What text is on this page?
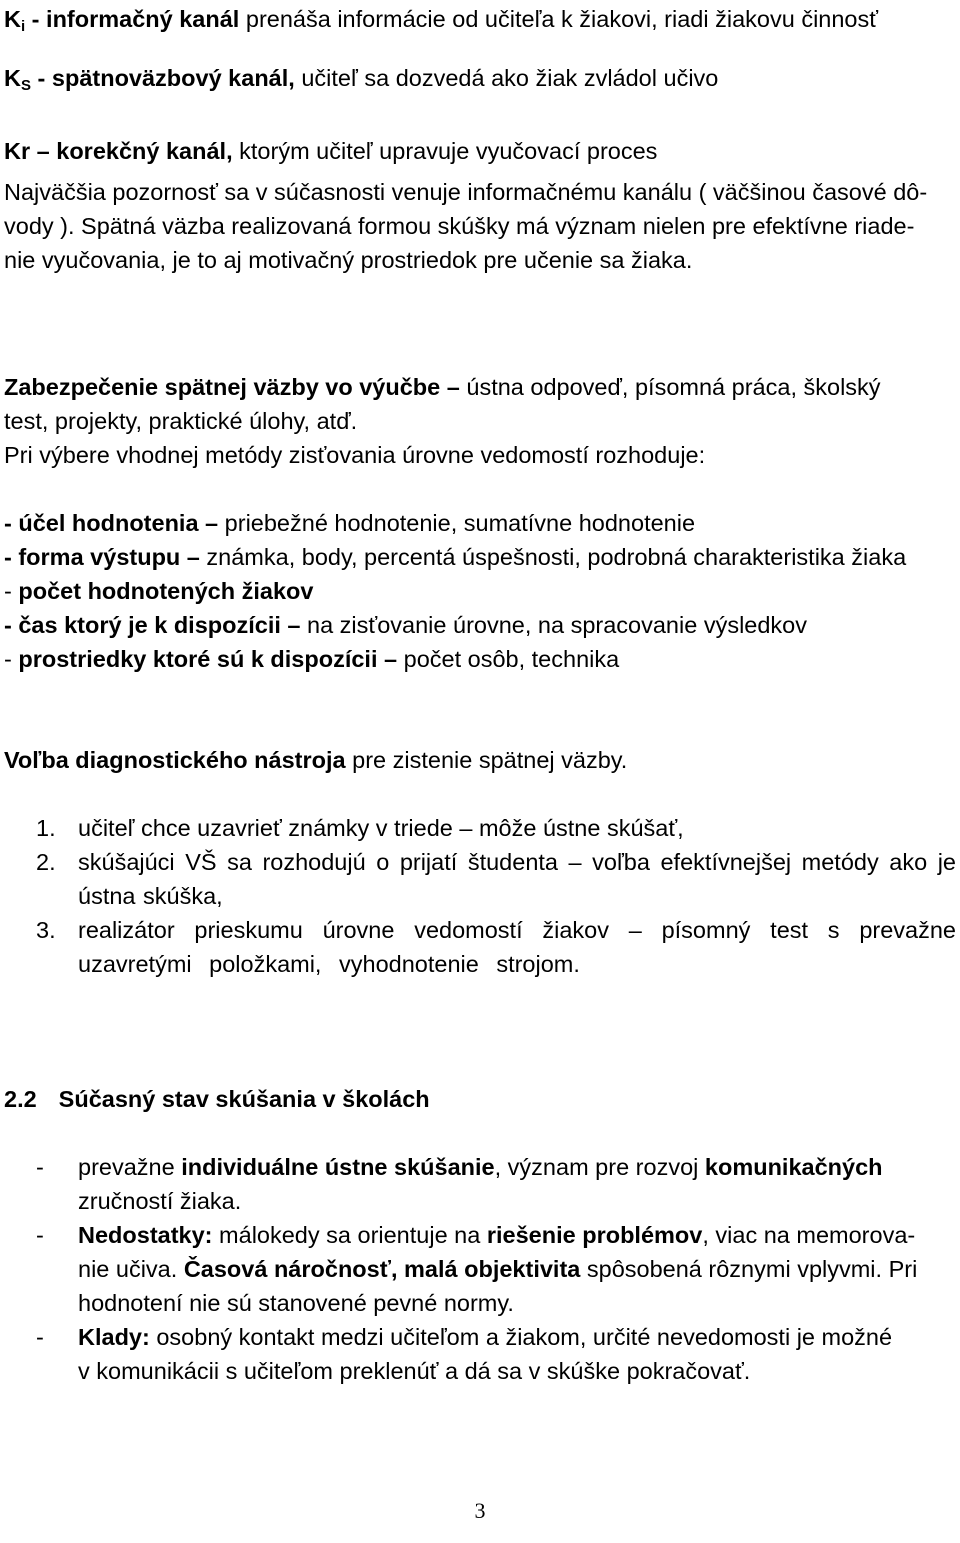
Ki - informačný kanál prenáša informácie od učiteľa k žiakovi, riadi žiakovu činnosť
KS - spätnoväzbový kanál, učiteľ sa dozvedá ako žiak zvládol učivo
Kr – korekčný kanál, ktorým učiteľ upravuje vyučovací proces
Najväčšia pozornosť sa v súčasnosti venuje informačnému kanálu ( väčšinou časové dô-
vody ). Spätná väzba realizovaná formou skúšky má význam nielen pre efektívne riade-
nie vyučovania, je to aj motivačný prostriedok pre učenie sa žiaka.
Zabezpečenie spätnej väzby vo výučbe – ústna odpoveď, písomná práca, školský
test, projekty, praktické úlohy, atď.
Pri výbere vhodnej metódy zisťovania úrovne vedomostí rozhoduje:
- účel hodnotenia – priebežné hodnotenie, sumatívne hodnotenie
- forma výstupu – známka, body, percentá úspešnosti, podrobná charakteristika žiaka
- počet hodnotených žiakov
- čas ktorý je k dispozícii – na zisťovanie úrovne, na spracovanie výsledkov
- prostriedky ktoré sú k dispozícii – počet osôb, technika
Voľba diagnostického nástroja pre zistenie spätnej väzby.
1. učiteľ chce uzavrieť známky v triede – môže ústne skúšať,
2. skúšajúci VŠ sa rozhodujú o prijatí študenta – voľba efektívnejšej metódy ako je ústna skúška,
3. realizátor prieskumu úrovne vedomostí žiakov – písomný test s prevažne uzavretými položkami, vyhodnotenie strojom.
2.2 Súčasný stav skúšania v školách
- prevažne individuálne ústne skúšanie, význam pre rozvoj komunikačných
zručností žiaka.
- Nedostatky: málokedy sa orientuje na riešenie problémov, viac na memorova-
nie učiva. Časová náročnosť, malá objektivita spôsobená rôznymi vplyvmi. Pri
hodnotení nie sú stanovené pevné normy.
- Klady: osobný kontakt medzi učiteľom a žiakom, určité nevedomosti je možné
v komunikácii s učiteľom preklenúť a dá sa v skúške pokračovať.
3
